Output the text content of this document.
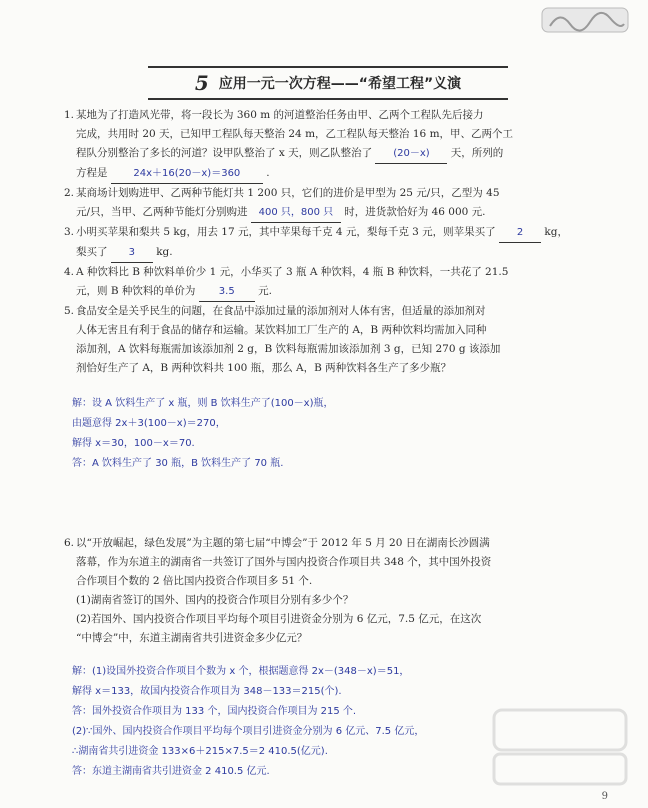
5 应用一元一次方程——“希望工程”义演
1. 某地为了打造风光带，将一段长为 360 m 的河道整治任务由甲、乙两个工程队先后接力
完成，共用时 20 天，已知甲工程队每天整治 24 m，乙工程队每天整治 16 m，甲、乙两个工
程队分别整治了多长的河道？设甲队整治了 x 天，则乙队整治了 (20－x) 天，所列的
方程是	24x＋16(20－x)＝360 .
2. 某商场计划购进甲、乙两种节能灯共 1 200 只，它们的进价是甲型为 25 元/只，乙型为 45
元/只，当甲、乙两种节能灯分别购进 400 只，800 只 时，进货款恰好为 46 000 元.
3. 小明买苹果和梨共 5 kg，用去 17 元，其中苹果每千克 4 元，梨每千克 3 元，则苹果买了 2 kg，
梨买了 3 kg.
4. A 种饮料比 B 种饮料单价少 1 元，小华买了 3 瓶 A 种饮料，4 瓶 B 种饮料，一共花了 21.5
元，则 B 种饮料的单价为 3.5 元.
5. 食品安全是关乎民生的问题，在食品中添加过量的添加剂对人体有害，但适量的添加剂对
人体无害且有利于食品的储存和运输。某饮料加工厂生产的 A，B 两种饮料均需加入同种
添加剂，A 饮料每瓶需加该添加剂 2 g，B 饮料每瓶需加该添加剂 3 g，已知 270 g 该添加
剂恰好生产了 A，B 两种饮料共 100 瓶，那么 A，B 两种饮料各生产了多少瓶？
解：设 A 饮料生产了 x 瓶，则 B 饮料生产了(100－x)瓶，
由题意得 2x＋3(100－x)＝270，
解得 x＝30，100－x＝70.
答：A 饮料生产了 30 瓶，B 饮料生产了 70 瓶.
6. 以“开放崛起，绿色发展”为主题的第七届“中博会”于 2012 年 5 月 20 日在湖南长沙圆满
落幕，作为东道主的湖南省一共签订了国外与国内投资合作项目共 348 个，其中国外投资
合作项目个数的 2 倍比国内投资合作项目多 51 个.
(1)湖南省签订的国外、国内的投资合作项目分别有多少个？
(2)若国外、国内投资合作项目平均每个项目引进资金分别为 6 亿元，7.5 亿元，在这次
“中博会”中，东道主湖南省共引进资金多少亿元？
解：(1)设国外投资合作项目个数为 x 个，根据题意得 2x－(348－x)＝51，
解得 x＝133，故国内投资合作项目为 348－133＝215(个).
答：国外投资合作项目为 133 个，国内投资合作项目为 215 个.
(2)∵国外、国内投资合作项目平均每个项目引进资金分别为 6 亿元、7.5 亿元，
∴湖南省共引进资金 133×6＋215×7.5＝2 410.5(亿元).
答：东道主湖南省共引进资金 2 410.5 亿元.
9
